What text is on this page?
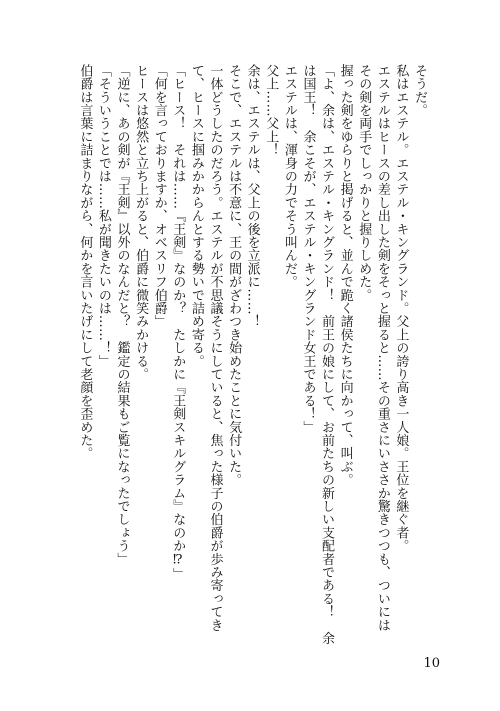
そうだ。

私はエステル。エステル・キングランド。父上の誇り高き一人娘。王位を継ぐ者。

エステルはヒースの差し出した剣をそっと握ると……その重さにいささか驚きつつも、ついには

その剣を両手でしっかりと握りしめた。

握った剣をゆらりと掲げると、並んで跪く諸侯たちに向かって、叫ぶ。

「よ、余は、エステル・キングランド！　前王の娘にして、お前たちの新しい支配者である！　余

は国王！　余こそが、エステル・キングランド女王である！」

エステルは、渾身の力でそう叫んだ。

父上……父上！

余は、エステルは、父上の後を立派に……！

そこで、エステルは不意に、王の間がざわつき始めたことに気付いた。

一体どうしたのだろう。エステルが不思議そうにしていると、焦った様子の伯爵が歩み寄ってき

て、ヒースに掴みかからんとする勢いで詰め寄る。

「ヒース！　それは……『王剣』なのか？　たしかに『王剣スキルグラム』なのか⁉」

「何を言っておりますか、オベスリフ伯爵」

ヒースは悠然と立ち上がると、伯爵に微笑みかける。

「逆に、あの剣が『王剣』以外のなんだと？　鑑定の結果もご覧になったでしょう」

「そういうことでは……私が聞きたいのは……！」

伯爵は言葉に詰まりながら、何かを言いたげにして老顔を歪めた。

10
